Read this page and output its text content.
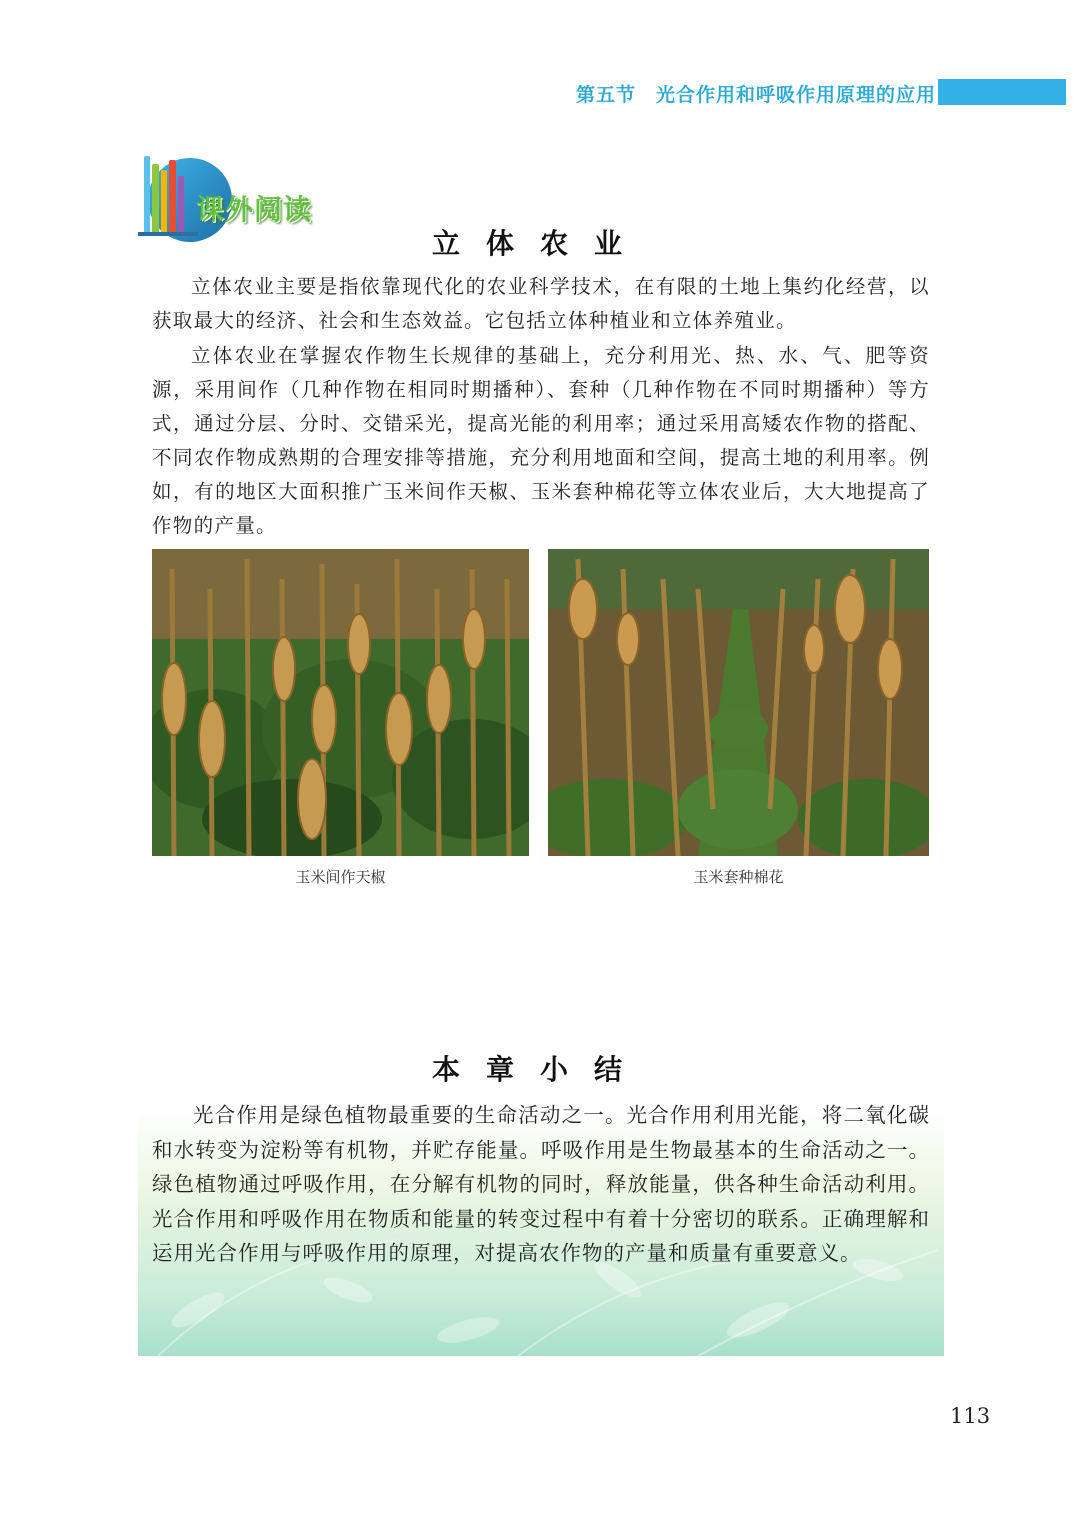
第五节　光合作用和呼吸作用原理的应用
课外阅读
立体农业

立体农业主要是指依靠现代化的农业科学技术，在有限的土地上集约化经营，以获取最大的经济、社会和生态效益。它包括立体种植业和立体养殖业。

立体农业在掌握农作物生长规律的基础上，充分利用光、热、水、气、肥等资源，采用间作（几种作物在相同时期播种）、套种（几种作物在不同时期播种）等方式，通过分层、分时、交错采光，提高光能的利用率；通过采用高矮农作物的搭配、不同农作物成熟期的合理安排等措施，充分利用地面和空间，提高土地的利用率。例如，有的地区大面积推广玉米间作天椒、玉米套种棉花等立体农业后，大大地提高了作物的产量。

玉米间作天椒	玉米套种棉花
本章小结

光合作用是绿色植物最重要的生命活动之一。光合作用利用光能，将二氧化碳和水转变为淀粉等有机物，并贮存能量。呼吸作用是生物最基本的生命活动之一。绿色植物通过呼吸作用，在分解有机物的同时，释放能量，供各种生命活动利用。光合作用和呼吸作用在物质和能量的转变过程中有着十分密切的联系。正确理解和运用光合作用与呼吸作用的原理，对提高农作物的产量和质量有重要意义。

113
